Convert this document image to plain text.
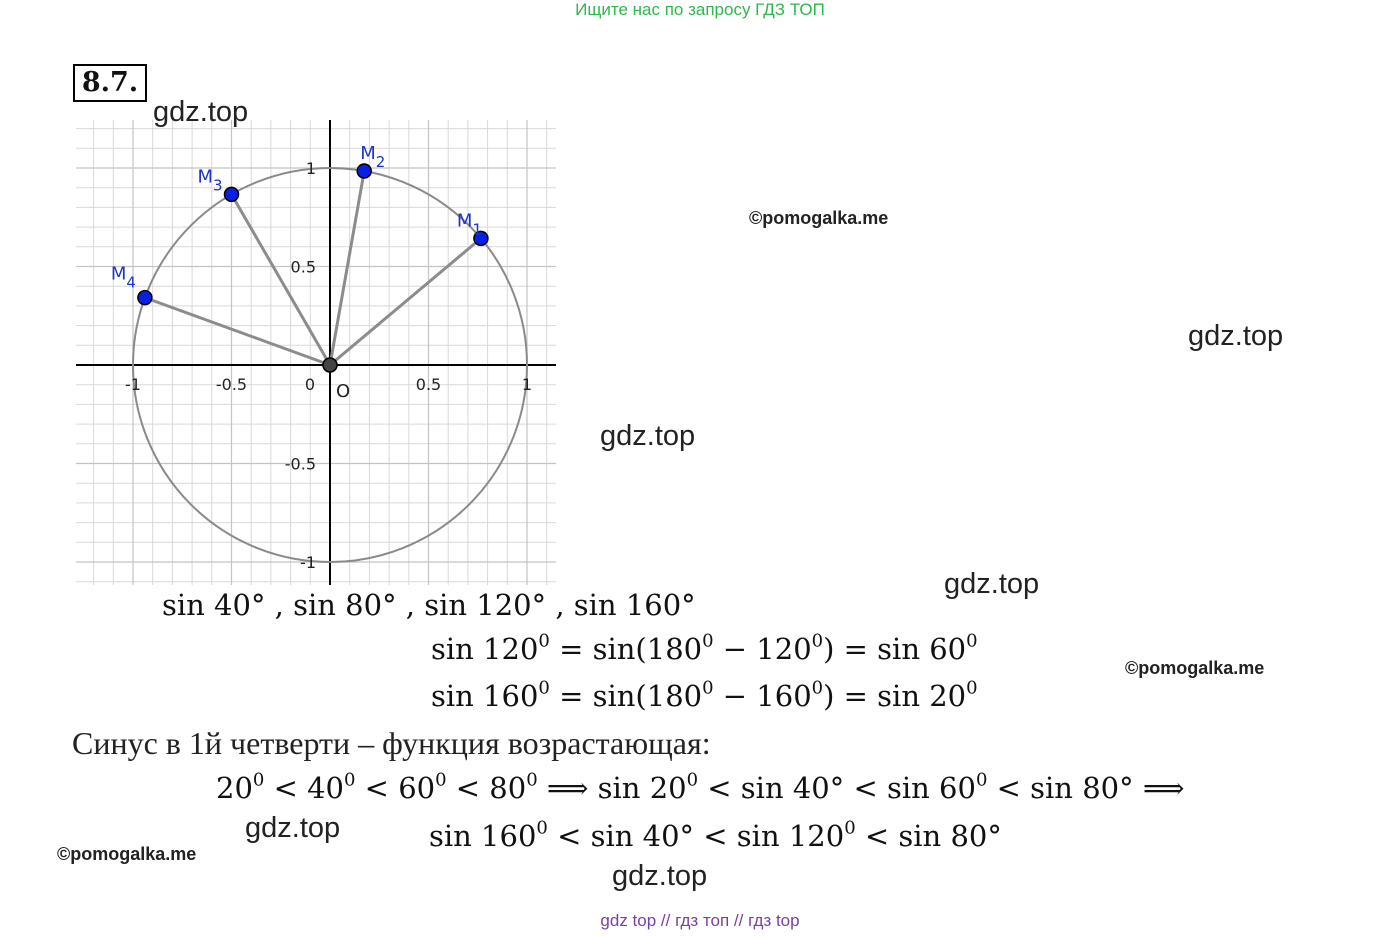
Ищите нас по запросу ГДЗ ТОП
8.7.
-1	-0.5	0	0.5	1
1
0.5
-0.5
-1
O
$M_1$
$M_2$
$M_3$
$M_4$
gdz.top
gdz.top
gdz.top
gdz.top
gdz.top
gdz.top
©pomogalka.me
©pomogalka.me
©pomogalka.me
sin 40° , sin 80° , sin 120° , sin 160°
$\sin 120^0 = \sin(180^0 - 120^0) = \sin 60^0$
$\sin 160^0 = \sin(180^0 - 160^0) = \sin 20^0$
Синус в 1й четверти – функция возрастающая:
$20^0 < 40^0 < 60^0 < 80^0$ ⟹ $\sin 20^0 < \sin 40^\circ < \sin 60^0 < \sin 80^\circ$ ⟹
$\sin 160^0 < \sin 40^\circ < \sin 120^0 < \sin 80^\circ$
gdz top // гдз топ // гдз top
